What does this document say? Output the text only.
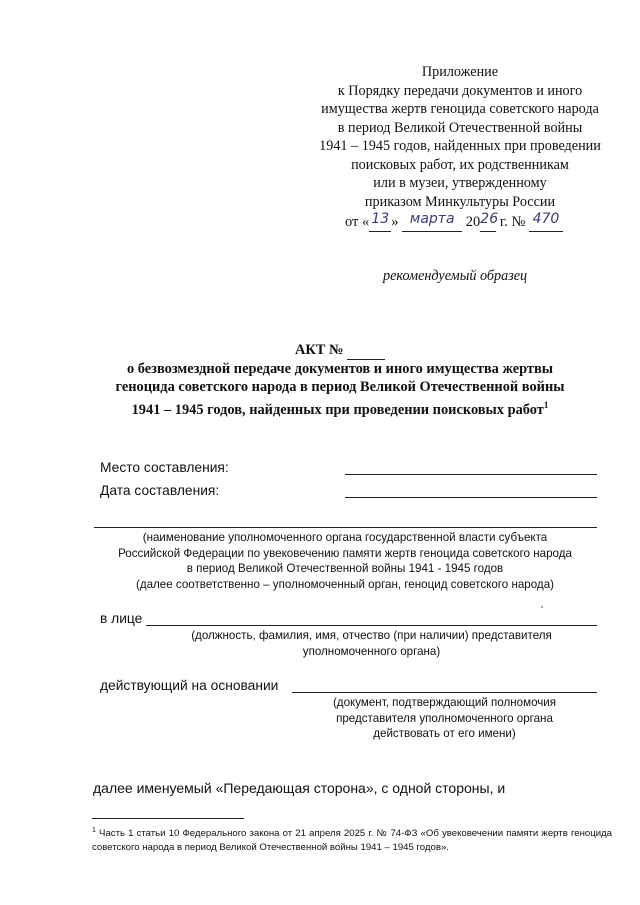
Приложение
к Порядку передачи документов и иного
имущества жертв геноцида советского народа
в период Великой Отечественной войны
1941 – 1945 годов, найденных при проведении
поисковых работ, их родственникам
или в музеи, утвержденному
приказом Минкультуры России
от « 13 » марта 2026 г. № 470
рекомендуемый образец
АКТ №
о безвозмездной передаче документов и иного имущества жертвы
геноцида советского народа в период Великой Отечественной войны
1941 – 1945 годов, найденных при проведении поисковых работ$^1$
Место составления:
Дата составления:
(наименование уполномоченного органа государственной власти субъекта
Российской Федерации по увековечению памяти жертв геноцида советского народа
в период Великой Отечественной войны 1941 - 1945 годов
(далее соответственно – уполномоченный орган, геноцид советского народа)
в лице
(должность, фамилия, имя, отчество (при наличии) представителя
уполномоченного органа)
действующий на основании
(документ, подтверждающий полномочия
представителя уполномоченного органа
действовать от его имени)
далее именуемый «Передающая сторона», с одной стороны, и
$^1$ Часть 1 статьи 10 Федерального закона от 21 апреля 2025 г. № 74-ФЗ «Об увековечении памяти жертв геноцида советского народа в период Великой Отечественной войны 1941 – 1945 годов».
